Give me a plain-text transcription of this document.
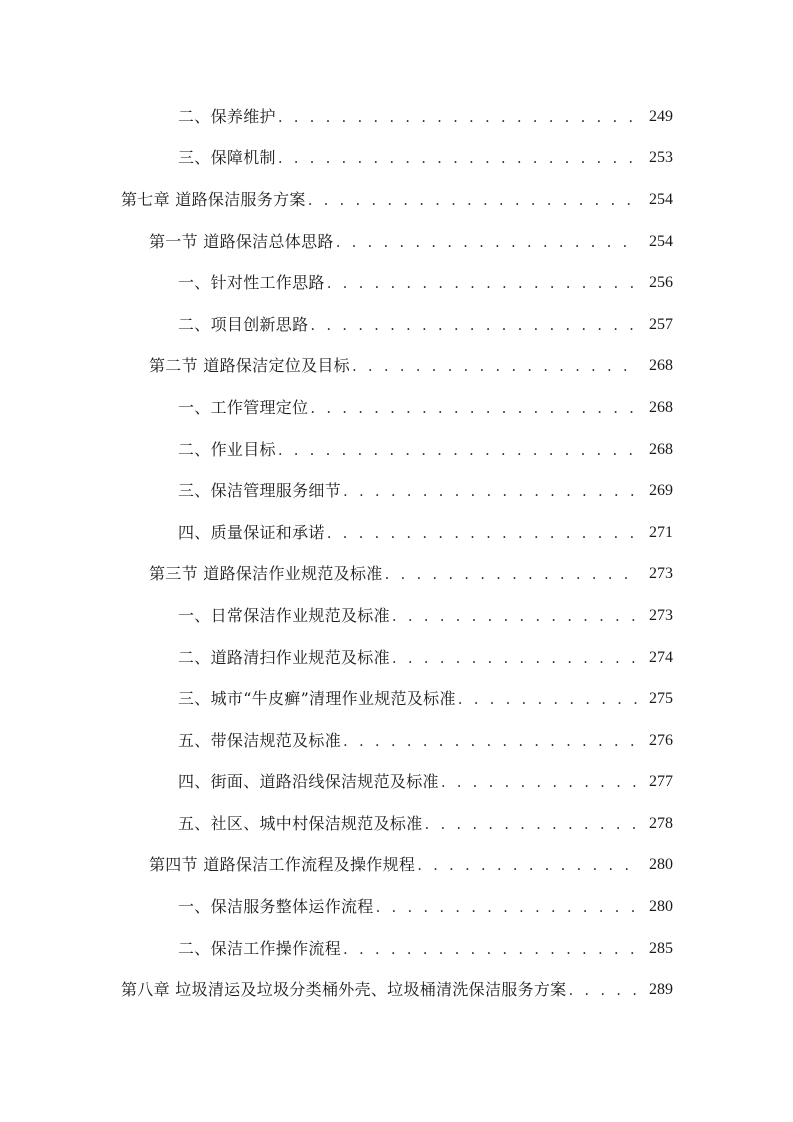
二、保养维护 . . .	249
三、保障机制 . . .	253
第七章 道路保洁服务方案 . . .	254
第一节 道路保洁总体思路 . . .	254
一、针对性工作思路 . . .	256
二、项目创新思路 . . .	257
第二节 道路保洁定位及目标 . . .	268
一、工作管理定位 . . .	268
二、作业目标 . . .	268
三、保洁管理服务细节 . . .	269
四、质量保证和承诺 . . .	271
第三节 道路保洁作业规范及标准 . . .	273
一、日常保洁作业规范及标准 . . .	273
二、道路清扫作业规范及标准 . . .	274
三、城市“牛皮癣”清理作业规范及标准 . . .	275
五、带保洁规范及标准 . . .	276
四、街面、道路沿线保洁规范及标准 . . .	277
五、社区、城中村保洁规范及标准 . . .	278
第四节 道路保洁工作流程及操作规程 . . .	280
一、保洁服务整体运作流程 . . .	280
二、保洁工作操作流程 . . .	285
第八章 垃圾清运及垃圾分类桶外壳、垃圾桶清洗保洁服务方案 . . .	289
